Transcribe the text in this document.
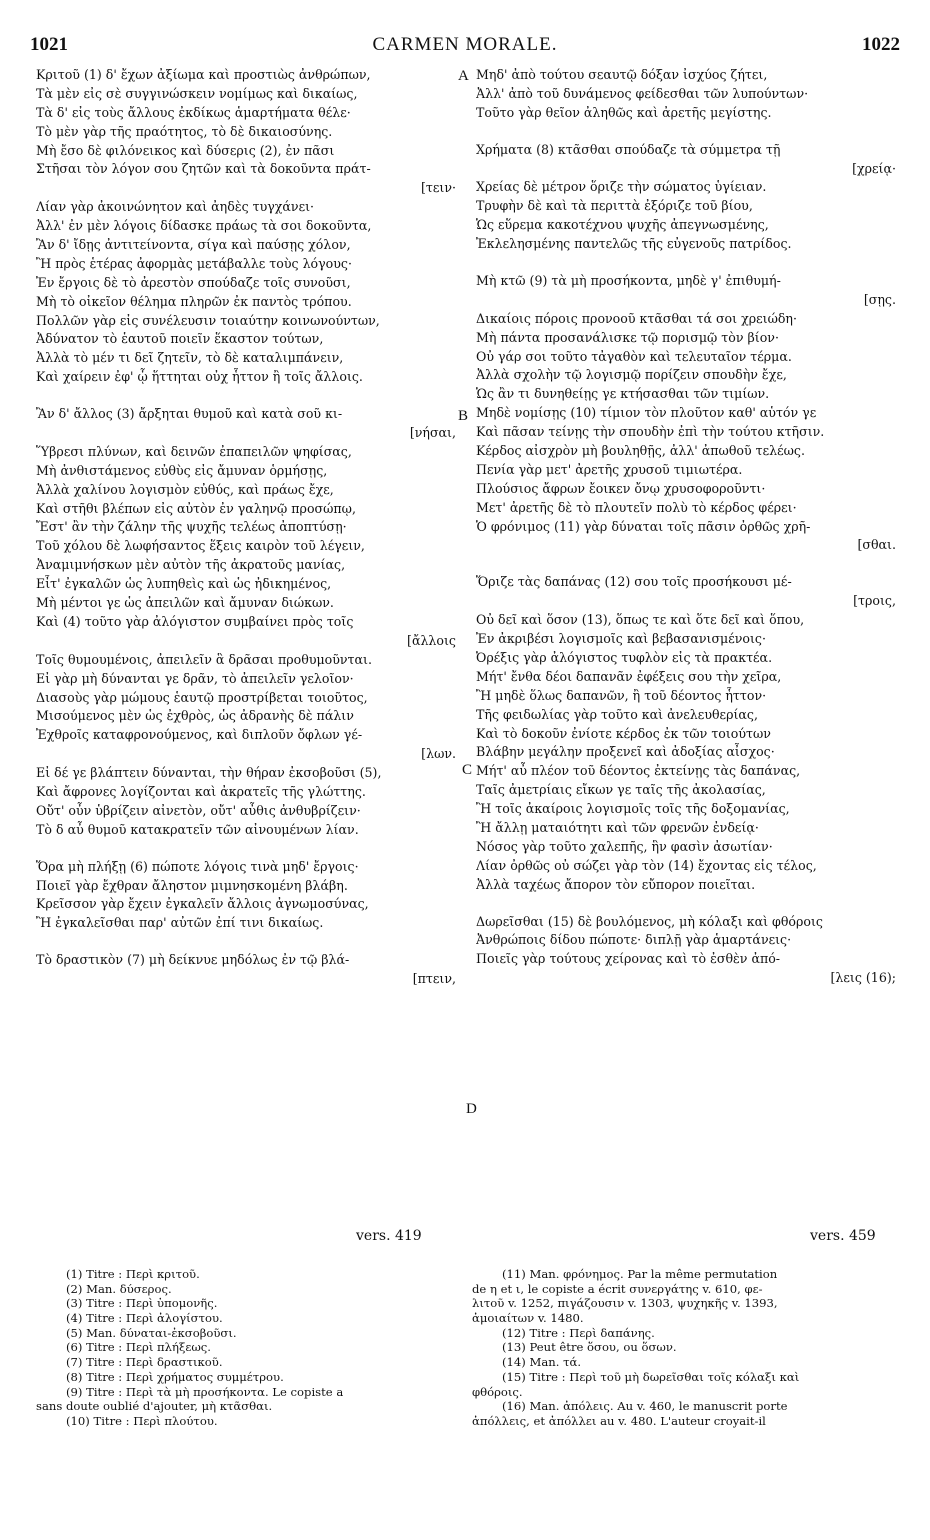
1021	CARMEN MORALE.	1022
Κριτοῦ (1) δ' ἔχων ἀξίωμα καὶ προστιὼς ἀνθρώπων,
Τὰ μὲν εἰς σὲ συγγινώσκειν νομίμως καὶ δικαίως,
Τὰ δ' εἰς τοὺς ἄλλους ἐκδίκως ἁμαρτήματα θέλε·
Τὸ μὲν γὰρ τῆς πραότητος, τὸ δὲ δικαιοσύνης.
Μὴ ἔσο δὲ φιλόνεικος καὶ δύσερις (2), ἐν πᾶσι
Στῆσαι τὸν λόγον σου ζητῶν καὶ τὰ δοκοῦντα πράτ-
[τειν·
Λίαν γὰρ ἀκοινώνητον καὶ ἀηδὲς τυγχάνει·
Ἀλλ' ἐν μὲν λόγοις δίδασκε πράως τὰ σοι δοκοῦντα,
Ἂν δ' ἴδῃς ἀντιτείνοντα, σίγα καὶ παύσῃς χόλον,
Ἢ πρὸς ἑτέρας ἀφορμὰς μετάβαλλε τοὺς λόγους·
Ἐν ἔργοις δὲ τὸ ἀρεστὸν σπούδαζε τοῖς συνοῦσι,
Μὴ τὸ οἰκεῖον θέλημα πληρῶν ἐκ παντὸς τρόπου.
Πολλῶν γὰρ εἰς συνέλευσιν τοιαύτην κοινωνούντων,
Ἀδύνατον τὸ ἑαυτοῦ ποιεῖν ἕκαστον τούτων,
Ἀλλὰ τὸ μέν τι δεῖ ζητεῖν, τὸ δὲ καταλιμπάνειν,
Καὶ χαίρειν ἐφ' ᾧ ἥττηται οὐχ ἧττον ἢ τοῖς ἄλλοις.
Ἂν δ' ἄλλος (3) ἄρξηται θυμοῦ καὶ κατὰ σοῦ κι-
[νήσαι,
Ὕβρεσι πλύνων, καὶ δεινῶν ἐπαπειλῶν ψηφίσας,
Μὴ ἀνθιστάμενος εὐθὺς εἰς ἄμυναν ὁρμήσῃς,
Ἀλλὰ χαλίνου λογισμὸν εὐθύς, καὶ πράως ἔχε,
Καὶ στῆθι βλέπων εἰς αὐτὸν ἐν γαληνῷ προσώπῳ,
Ἔστ' ἂν τὴν ζάλην τῆς ψυχῆς τελέως ἀποπτύσῃ·
Τοῦ χόλου δὲ λωφήσαντος ἕξεις καιρὸν τοῦ λέγειν,
Ἀναμιμνήσκων μὲν αὐτὸν τῆς ἀκρατοῦς μανίας,
Εἶτ' ἐγκαλῶν ὡς λυπηθεὶς καὶ ὡς ἠδικημένος,
Μὴ μέντοι γε ὡς ἀπειλῶν καὶ ἄμυναν διώκων.
Καὶ (4) τοῦτο γὰρ ἀλόγιστον συμβαίνει πρὸς τοῖς
[ἄλλοις
Τοῖς θυμουμένοις, ἀπειλεῖν ἃ δρᾶσαι προθυμοῦνται.
Εἰ γὰρ μὴ δύνανται γε δρᾶν, τὸ ἀπειλεῖν γελοῖον·
Διασοὺς γὰρ μώμους ἑαυτῷ προστρίβεται τοιοῦτος,
Μισούμενος μὲν ὡς ἐχθρὸς, ὡς ἀδρανὴς δὲ πάλιν
Ἐχθροῖς καταφρονούμενος, καὶ διπλοῦν ὄφλων γέ-
[λων.
Εἰ δέ γε βλάπτειν δύνανται, τὴν θήραν ἐκσοβοῦσι (5),
Καὶ ἄφρονες λογίζονται καὶ ἀκρατεῖς τῆς γλώττης.
Οὔτ' οὖν ὑβρίζειν αἰνετὸν, οὔτ' αὖθις ἀνθυβρίζειν·
Τὸ δ αὖ θυμοῦ κατακρατεῖν τῶν αἰνουμένων λίαν.
Ὅρα μὴ πλήξῃ (6) πώποτε λόγοις τινὰ μηδ' ἔργοις·
Ποιεῖ γὰρ ἔχθραν ἄληστον μιμνησκομένη βλάβη.
Κρεῖσσον γὰρ ἔχειν ἐγκαλεῖν ἄλλοις ἀγνωμοσύνας,
Ἢ ἐγκαλεῖσθαι παρ' αὐτῶν ἐπί τινι δικαίως.
Τὸ δραστικὸν (7) μὴ δείκνυε μηδόλως ἐν τῷ βλά-
[πτειν,
Μηδ' ἀπὸ τούτου σεαυτῷ δόξαν ἰσχύος ζήτει,
Ἀλλ' ἀπὸ τοῦ δυνάμενος φείδεσθαι τῶν λυπούντων·
Τοῦτο γὰρ θεῖον ἀληθῶς καὶ ἀρετῆς μεγίστης.
Χρήματα (8) κτᾶσθαι σπούδαζε τὰ σύμμετρα τῇ
[χρείᾳ·
Χρείας δὲ μέτρον ὅριζε τὴν σώματος ὑγίειαν.
Τρυφὴν δὲ καὶ τὰ περιττὰ ἐξόριζε τοῦ βίου,
Ὡς εὕρεμα κακοτέχνου ψυχῆς ἀπεγνωσμένης,
Ἐκλελησμένης παντελῶς τῆς εὐγενοῦς πατρίδος.
Μὴ κτῶ (9) τὰ μὴ προσήκοντα, μηδὲ γ' ἐπιθυμή-
[σῃς.
Δικαίοις πόροις προνοοῦ κτᾶσθαι τά σοι χρειώδη·
Μὴ πάντα προσανάλισκε τῷ πορισμῷ τὸν βίον·
Οὐ γάρ σοι τοῦτο τἀγαθὸν καὶ τελευταῖον τέρμα.
Ἀλλὰ σχολὴν τῷ λογισμῷ πορίζειν σπουδὴν ἔχε,
Ὡς ἂν τι δυνηθείῃς γε κτήσασθαι τῶν τιμίων.
Μηδὲ νομίσῃς (10) τίμιον τὸν πλοῦτον καθ' αὑτόν γε
Καὶ πᾶσαν τείνῃς τὴν σπουδὴν ἐπὶ τὴν τούτου κτῆσιν.
Κέρδος αἰσχρὸν μὴ βουληθῇς, ἀλλ' ἀπωθοῦ τελέως.
Πενία γὰρ μετ' ἀρετῆς χρυσοῦ τιμιωτέρα.
Πλούσιος ἄφρων ἔοικεν ὄνῳ χρυσοφοροῦντι·
Μετ' ἀρετῆς δὲ τὸ πλουτεῖν πολὺ τὸ κέρδος φέρει·
Ὁ φρόνιμος (11) γὰρ δύναται τοῖς πᾶσιν ὀρθῶς χρῆ-
[σθαι.
Ὅριζε τὰς δαπάνας (12) σου τοῖς προσήκουσι μέ-
[τροις,
Οὐ δεῖ καὶ ὅσον (13), ὅπως τε καὶ ὅτε δεῖ καὶ ὅπου,
Ἐν ἀκριβέσι λογισμοῖς καὶ βεβασανισμένοις·
Ὀρέξις γὰρ ἀλόγιστος τυφλὸν εἰς τὰ πρακτέα.
Μήτ' ἔνθα δέοι δαπανᾶν ἐφέξεις σου τὴν χεῖρα,
Ἢ μηδὲ ὅλως δαπανῶν, ἢ τοῦ δέοντος ἧττον·
Τῆς φειδωλίας γὰρ τοῦτο καὶ ἀνελευθερίας,
Καὶ τὸ δοκοῦν ἐνίοτε κέρδος ἐκ τῶν τοιούτων
Βλάβην μεγάλην προξενεῖ καὶ ἀδοξίας αἶσχος·
Μήτ' αὖ πλέον τοῦ δέοντος ἐκτείνῃς τὰς δαπάνας,
Ταῖς ἀμετρίαις εἴκων γε ταῖς τῆς ἀκολασίας,
Ἢ τοῖς ἀκαίροις λογισμοῖς τοῖς τῆς δοξομανίας,
Ἢ ἄλλῃ ματαιότητι καὶ τῶν φρενῶν ἐνδείᾳ·
Νόσος γὰρ τοῦτο χαλεπῆς, ἣν φασὶν ἀσωτίαν·
Λίαν ὀρθῶς οὐ σώζει γὰρ τὸν (14) ἔχοντας εἰς τέλος,
Ἀλλὰ ταχέως ἄπορον τὸν εὔπορον ποιεῖται.
Δωρεῖσθαι (15) δὲ βουλόμενος, μὴ κόλαξι καὶ φθόροις
Ἀνθρώποις δίδου πώποτε· διπλῇ γὰρ ἁμαρτάνεις·
Ποιεῖς γὰρ τούτους χείρονας καὶ τὸ ἐσθὲν ἀπό-
[λεις (16);
A
B
C
D
vers. 419	vers. 459
(1) Titre : Περὶ κριτοῦ.
(2) Man. δύσερος.
(3) Titre : Περὶ ὑπομονῆς.
(4) Titre : Περὶ ἀλογίστου.
(5) Man. δύναται-ἐκσοβοῦσι.
(6) Titre : Περὶ πλήξεως.
(7) Titre : Περὶ δραστικοῦ.
(8) Titre : Περὶ χρήματος συμμέτρου.
(9) Titre : Περὶ τὰ μὴ προσήκοντα. Le copiste a
sans doute oublié d'ajouter, μὴ κτᾶσθαι.
(10) Titre : Περὶ πλούτου.
(11) Man. φρόνημος. Par la même permutation
de η et ι, le copiste a écrit συνεργάτης v. 610, φε-
λιτοῦ v. 1252, πιγάζουσιν v. 1303, ψυχηκῆς v. 1393,
ἀμοιαίτων v. 1480.
(12) Titre : Περὶ δαπάνης.
(13) Peut être ὅσου, ou ὅσων.
(14) Man. τά.
(15) Titre : Περὶ τοῦ μὴ δωρεῖσθαι τοῖς κόλαξι καὶ
φθόροις.
(16) Man. ἀπόλεις. Au v. 460, le manuscrit porte
ἀπόλλεις, et ἀπόλλει au v. 480. L'auteur croyait-il
